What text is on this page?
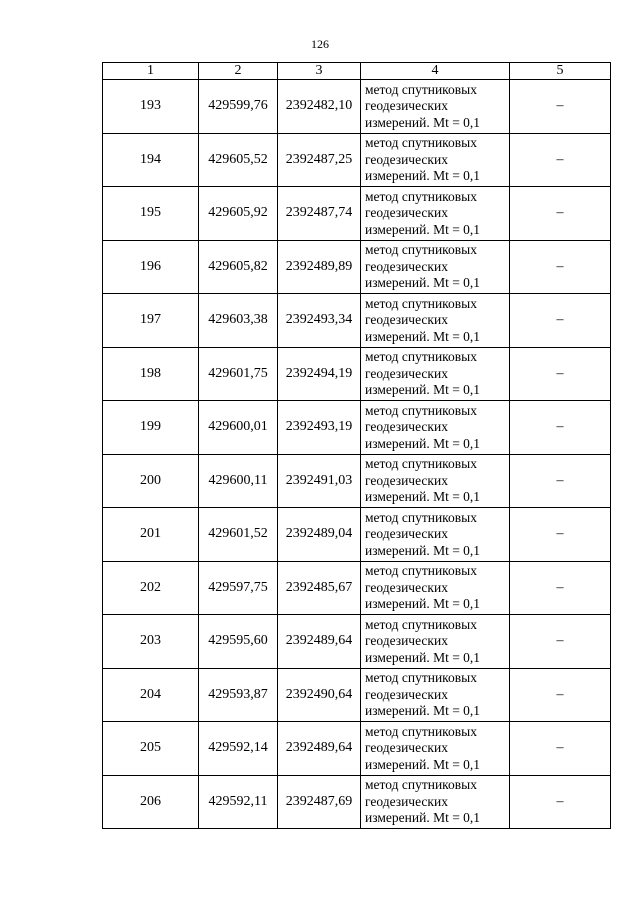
126
1	2	3	4	5
193	429599,76	2392482,10	метод спутниковых
геодезических
измерений. Mt = 0,1	–
194	429605,52	2392487,25	метод спутниковых
геодезических
измерений. Mt = 0,1	–
195	429605,92	2392487,74	метод спутниковых
геодезических
измерений. Mt = 0,1	–
196	429605,82	2392489,89	метод спутниковых
геодезических
измерений. Mt = 0,1	–
197	429603,38	2392493,34	метод спутниковых
геодезических
измерений. Mt = 0,1	–
198	429601,75	2392494,19	метод спутниковых
геодезических
измерений. Mt = 0,1	–
199	429600,01	2392493,19	метод спутниковых
геодезических
измерений. Mt = 0,1	–
200	429600,11	2392491,03	метод спутниковых
геодезических
измерений. Mt = 0,1	–
201	429601,52	2392489,04	метод спутниковых
геодезических
измерений. Mt = 0,1	–
202	429597,75	2392485,67	метод спутниковых
геодезических
измерений. Mt = 0,1	–
203	429595,60	2392489,64	метод спутниковых
геодезических
измерений. Mt = 0,1	–
204	429593,87	2392490,64	метод спутниковых
геодезических
измерений. Mt = 0,1	–
205	429592,14	2392489,64	метод спутниковых
геодезических
измерений. Mt = 0,1	–
206	429592,11	2392487,69	метод спутниковых
геодезических
измерений. Mt = 0,1	–
